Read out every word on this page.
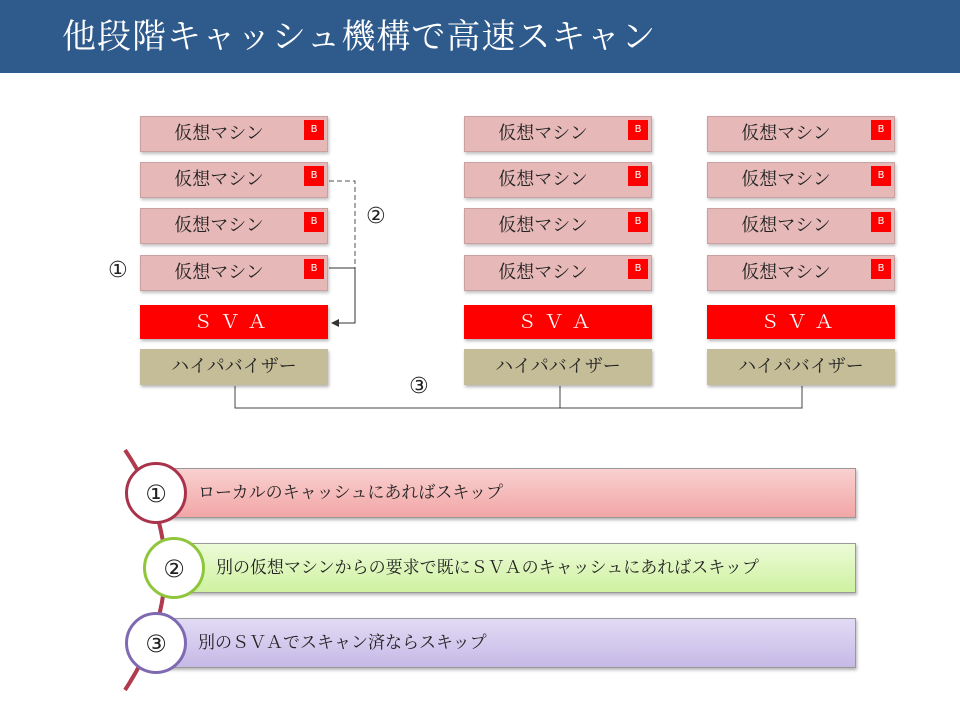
他段階キャッシュ機構で高速スキャン
仮想マシン	B
仮想マシン	B
仮想マシン	B
仮想マシン	B
ＳＶＡ
ハイパバイザー
仮想マシン	B
仮想マシン	B
仮想マシン	B
仮想マシン	B
ＳＶＡ
ハイパバイザー
仮想マシン	B
仮想マシン	B
仮想マシン	B
仮想マシン	B
ＳＶＡ
ハイパバイザー
①
②
③
ローカルのキャッシュにあればスキップ
別の仮想マシンからの要求で既にＳＶＡのキャッシュにあればスキップ
別のＳＶＡでスキャン済ならスキップ
①
②
③
